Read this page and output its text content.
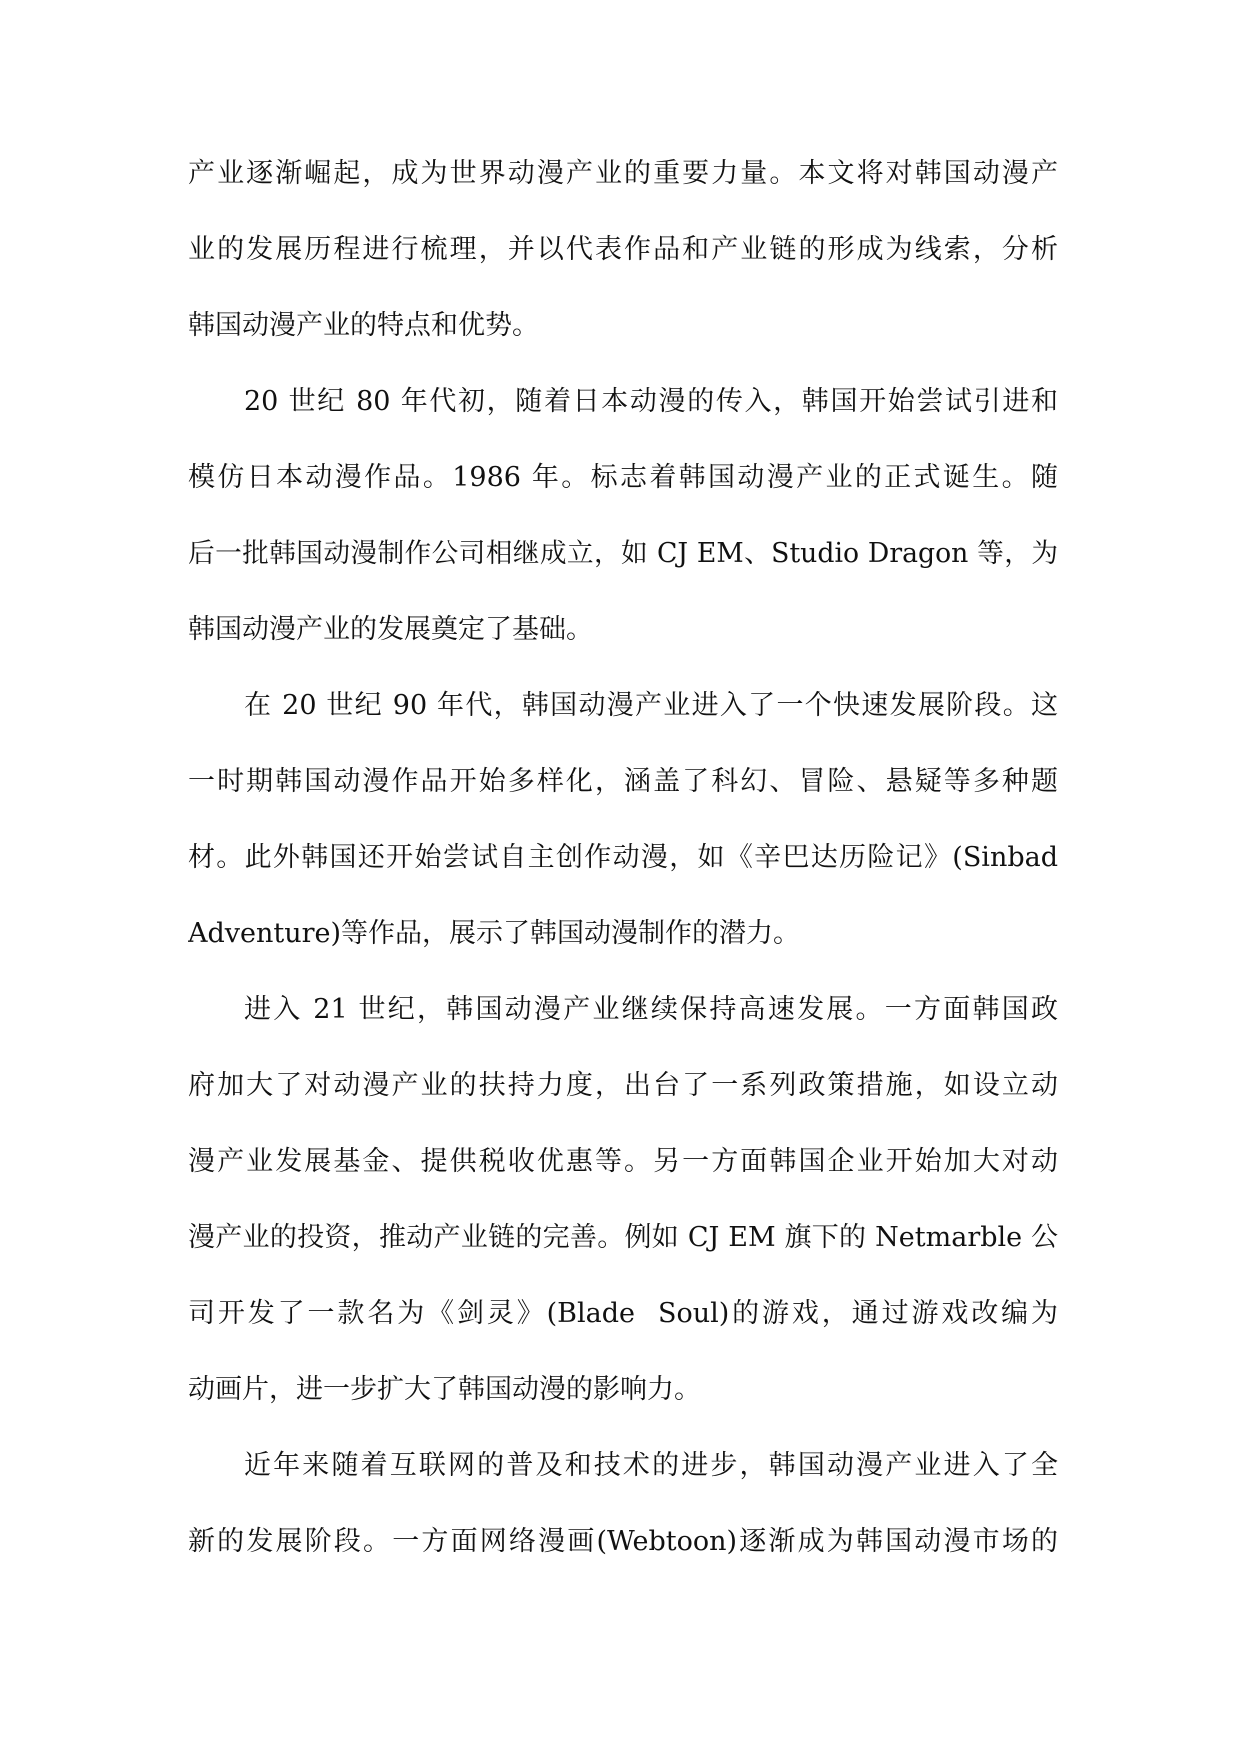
产业逐渐崛起，成为世界动漫产业的重要力量。本文将对韩国动漫产
业的发展历程进行梳理，并以代表作品和产业链的形成为线索，分析
韩国动漫产业的特点和优势。
20 世纪 80 年代初，随着日本动漫的传入，韩国开始尝试引进和
模仿日本动漫作品。1986 年。标志着韩国动漫产业的正式诞生。随
后一批韩国动漫制作公司相继成立，如 CJ EM、Studio Dragon 等，为
韩国动漫产业的发展奠定了基础。
在 20 世纪 90 年代，韩国动漫产业进入了一个快速发展阶段。这
一时期韩国动漫作品开始多样化，涵盖了科幻、冒险、悬疑等多种题
材。此外韩国还开始尝试自主创作动漫，如《辛巴达历险记》(Sinbad
Adventure)等作品，展示了韩国动漫制作的潜力。
进入 21 世纪，韩国动漫产业继续保持高速发展。一方面韩国政
府加大了对动漫产业的扶持力度，出台了一系列政策措施，如设立动
漫产业发展基金、提供税收优惠等。另一方面韩国企业开始加大对动
漫产业的投资，推动产业链的完善。例如 CJ EM 旗下的 Netmarble 公
司开发了一款名为《剑灵》(Blade  Soul)的游戏，通过游戏改编为
动画片，进一步扩大了韩国动漫的影响力。
近年来随着互联网的普及和技术的进步，韩国动漫产业进入了全
新的发展阶段。一方面网络漫画(Webtoon)逐渐成为韩国动漫市场的
